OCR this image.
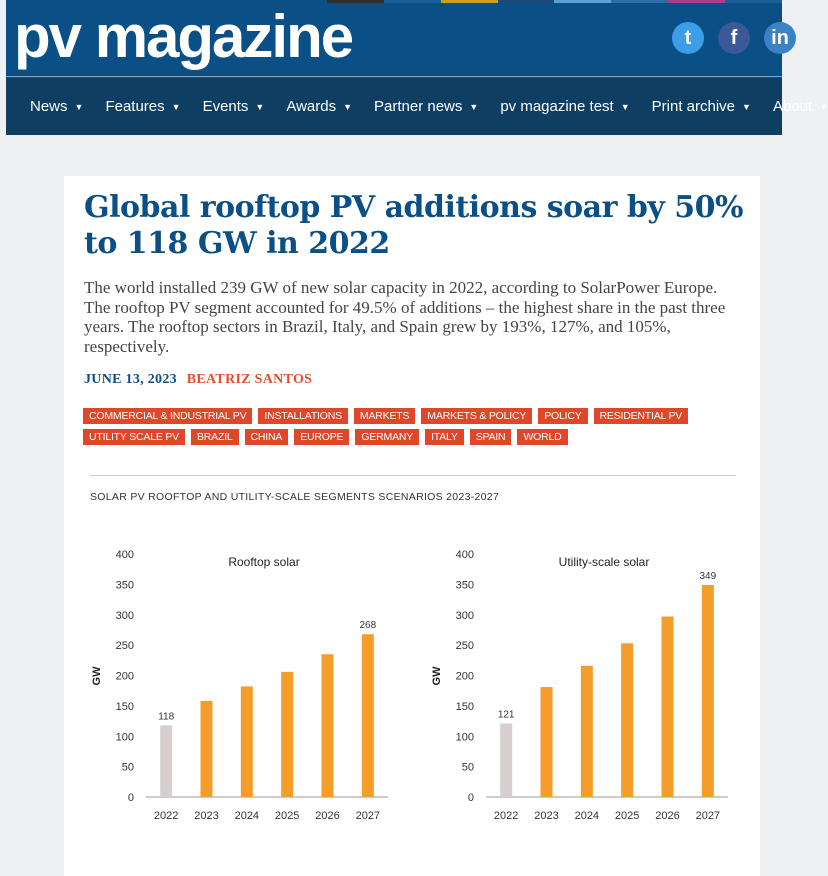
pv magazine	t	f	in
News ▼ Features ▼ Events ▼ Awards ▼ Partner news ▼ pv magazine test ▼ Print archive ▼ About ▼
Global rooftop PV additions soar by 50% to 118 GW in 2022

The world installed 239 GW of new solar capacity in 2022, according to SolarPower Europe. The rooftop PV segment accounted for 49.5% of additions – the highest share in the past three years. The rooftop sectors in Brazil, Italy, and Spain grew by 193%, 127%, and 105%, respectively.

JUNE 13, 2023 BEATRIZ SANTOS
COMMERCIAL & INDUSTRIAL PV	INSTALLATIONS	MARKETS	MARKETS & POLICY	POLICY	RESIDENTIAL PV
UTILITY SCALE PV	BRAZIL	CHINA	EUROPE	GERMANY	ITALY	SPAIN	WORLD
SOLAR PV ROOFTOP AND UTILITY-SCALE SEGMENTS SCENARIOS 2023-2027
Rooftop solar
GW
0
50
100
150
200
250
300
350
400
2022
118
2023 2024 2025 2026 2027
268
Utility-scale solar
GW
0
50
100
150
200
250
300
350
400
2022
121
2023 2024 2025 2026 2027
349
